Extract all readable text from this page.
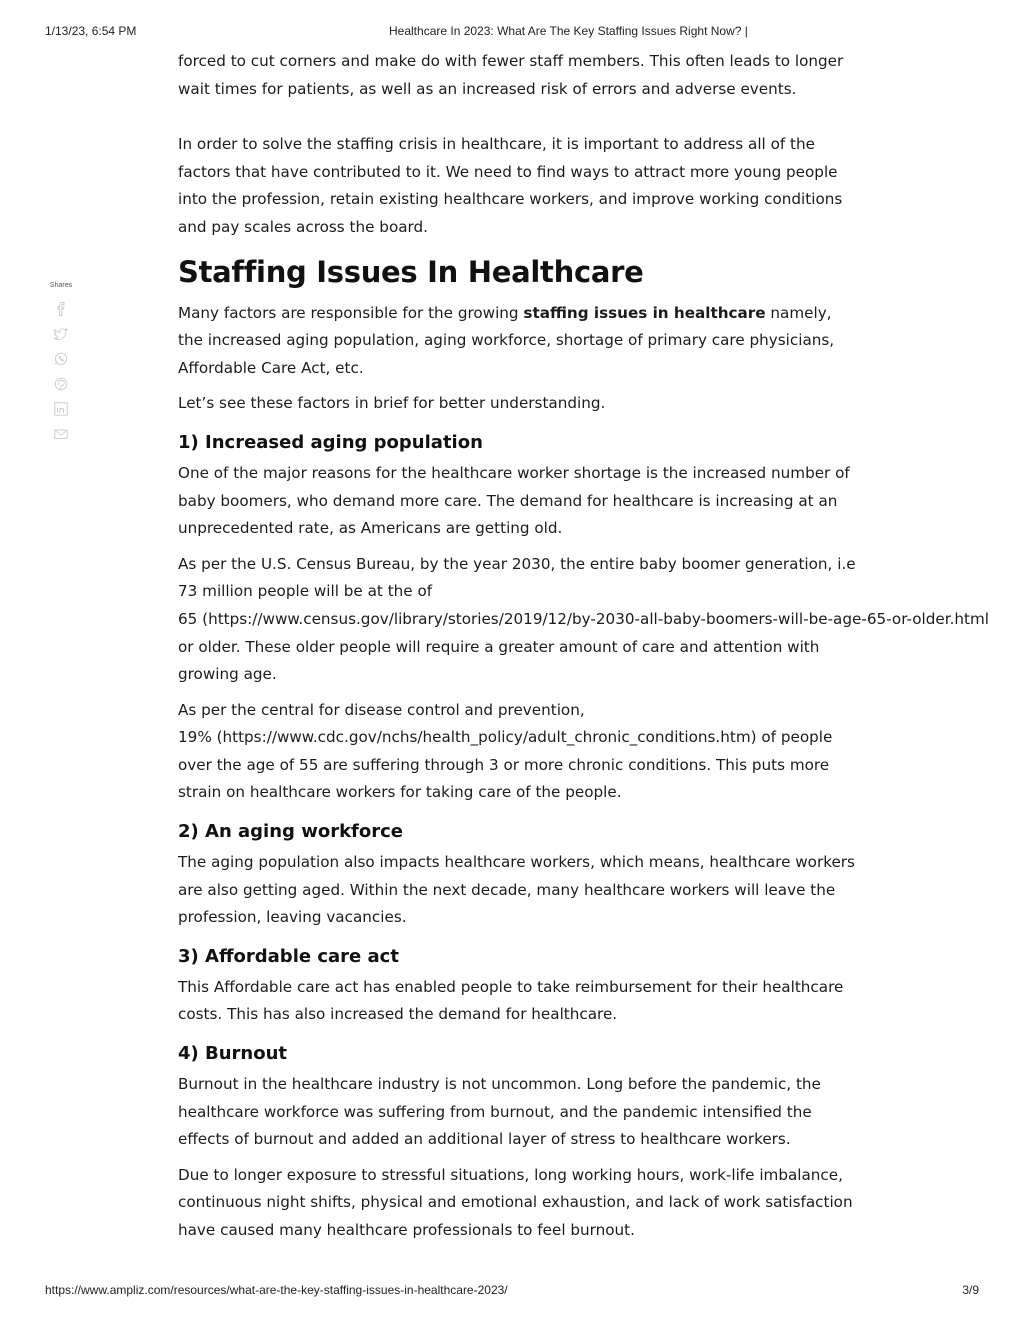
1/13/23, 6:54 PM	Healthcare In 2023: What Are The Key Staffing Issues Right Now? |
Shares

forced to cut corners and make do with fewer staff members. This often leads to longer wait times for patients, as well as an increased risk of errors and adverse events.

In order to solve the staffing crisis in healthcare, it is important to address all of the factors that have contributed to it. We need to find ways to attract more young people into the profession, retain existing healthcare workers, and improve working conditions and pay scales across the board.

Staffing Issues In Healthcare

Many factors are responsible for the growing staffing issues in healthcare namely, the increased aging population, aging workforce, shortage of primary care physicians, Affordable Care Act, etc.

Let’s see these factors in brief for better understanding.

1) Increased aging population

One of the major reasons for the healthcare worker shortage is the increased number of baby boomers, who demand more care. The demand for healthcare is increasing at an unprecedented rate, as Americans are getting old.

As per the U.S. Census Bureau, by the year 2030, the entire baby boomer generation, i.e 73 million people will be at the of
65 (https://www.census.gov/library/stories/2019/12/by-2030-all-baby-boomers-will-be-age-65-or-older.html
or older. These older people will require a greater amount of care and attention with growing age.

As per the central for disease control and prevention,
19% (https://www.cdc.gov/nchs/health_policy/adult_chronic_conditions.htm) of people over the age of 55 are suffering through 3 or more chronic conditions. This puts more strain on healthcare workers for taking care of the people.

2) An aging workforce

The aging population also impacts healthcare workers, which means, healthcare workers are also getting aged. Within the next decade, many healthcare workers will leave the profession, leaving vacancies.

3) Affordable care act

This Affordable care act has enabled people to take reimbursement for their healthcare costs. This has also increased the demand for healthcare.

4) Burnout

Burnout in the healthcare industry is not uncommon. Long before the pandemic, the healthcare workforce was suffering from burnout, and the pandemic intensified the effects of burnout and added an additional layer of stress to healthcare workers.

Due to longer exposure to stressful situations, long working hours, work-life imbalance, continuous night shifts, physical and emotional exhaustion, and lack of work satisfaction have caused many healthcare professionals to feel burnout.

https://www.ampliz.com/resources/what-are-the-key-staffing-issues-in-healthcare-2023/	3/9
